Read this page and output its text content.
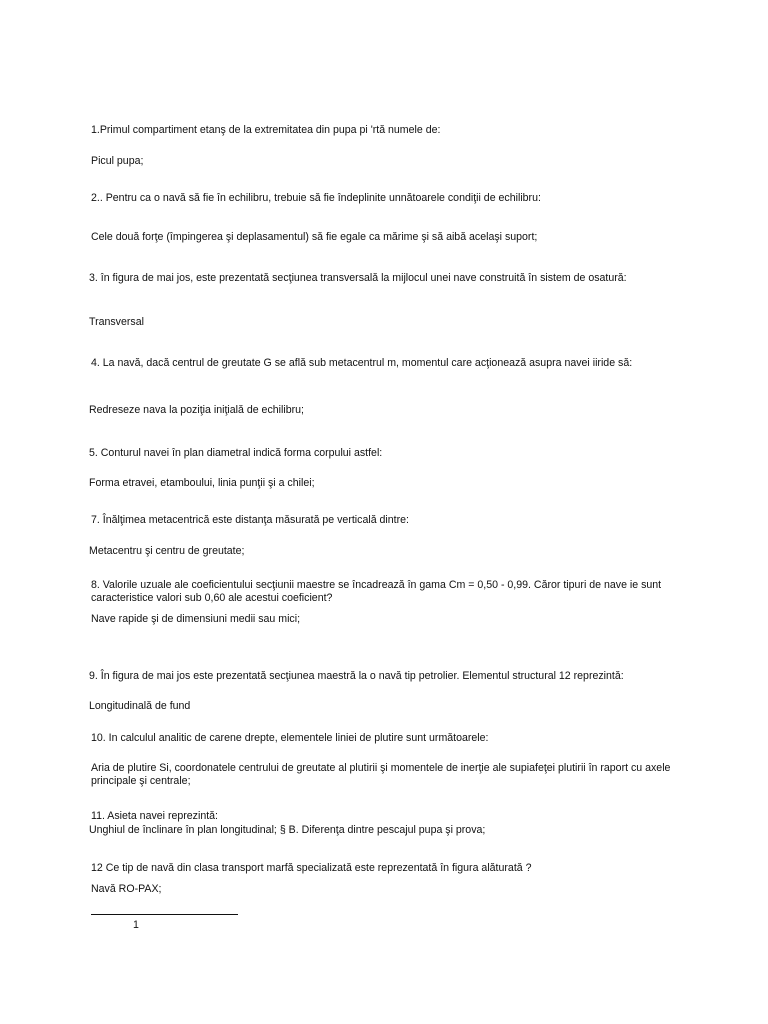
1.Primul compartiment etanş de la extremitatea din pupa pi 'rtă numele de:
Picul pupa;
2.. Pentru ca o navă să fie în echilibru, trebuie să fie îndeplinite unnătoarele condiţii de echilibru:
Cele două forţe (împingerea şi deplasamentul) să fie egale ca mărime şi să aibă acelaşi suport;
3. în figura de mai jos, este prezentată secţiunea transversală la mijlocul unei nave construită în sistem de osatură:
Transversal
4. La navă, dacă centrul de greutate G se află sub metacentrul m, momentul care acţionează asupra navei iiride să:
Redreseze nava la poziţia iniţială de echilibru;
5. Conturul navei în plan diametral indică forma corpului astfel:
Forma etravei, etamboului, linia punţii şi a chilei;
7. Înălţimea metacentrică este distanţa măsurată pe verticală dintre:
Metacentru şi centru de greutate;
8. Valorile uzuale ale coeficientului secţiunii maestre se încadrează în gama Cm = 0,50 - 0,99. Căror tipuri de nave ie sunt
caracteristice valori sub 0,60 ale acestui coeficient?
Nave rapide şi de dimensiuni medii sau mici;
9. În figura de mai jos este prezentată secţiunea maestră la o navă tip petrolier. Elementul structural 12 reprezintă:
Longitudinală de fund
10. In calculul analitic de carene drepte, elementele liniei de plutire sunt următoarele:
Aria de plutire Si, coordonatele centrului de greutate al plutirii şi momentele de inerţie ale supiafeţei plutirii în raport cu axele
principale şi centrale;
11. Asieta navei reprezintă:
Unghiul de înclinare în plan longitudinal; § B. Diferenţa dintre pescajul pupa şi prova;
12 Ce tip de navă din clasa transport marfă specializată este reprezentată în figura alăturată ?
Navă RO-PAX;
1
